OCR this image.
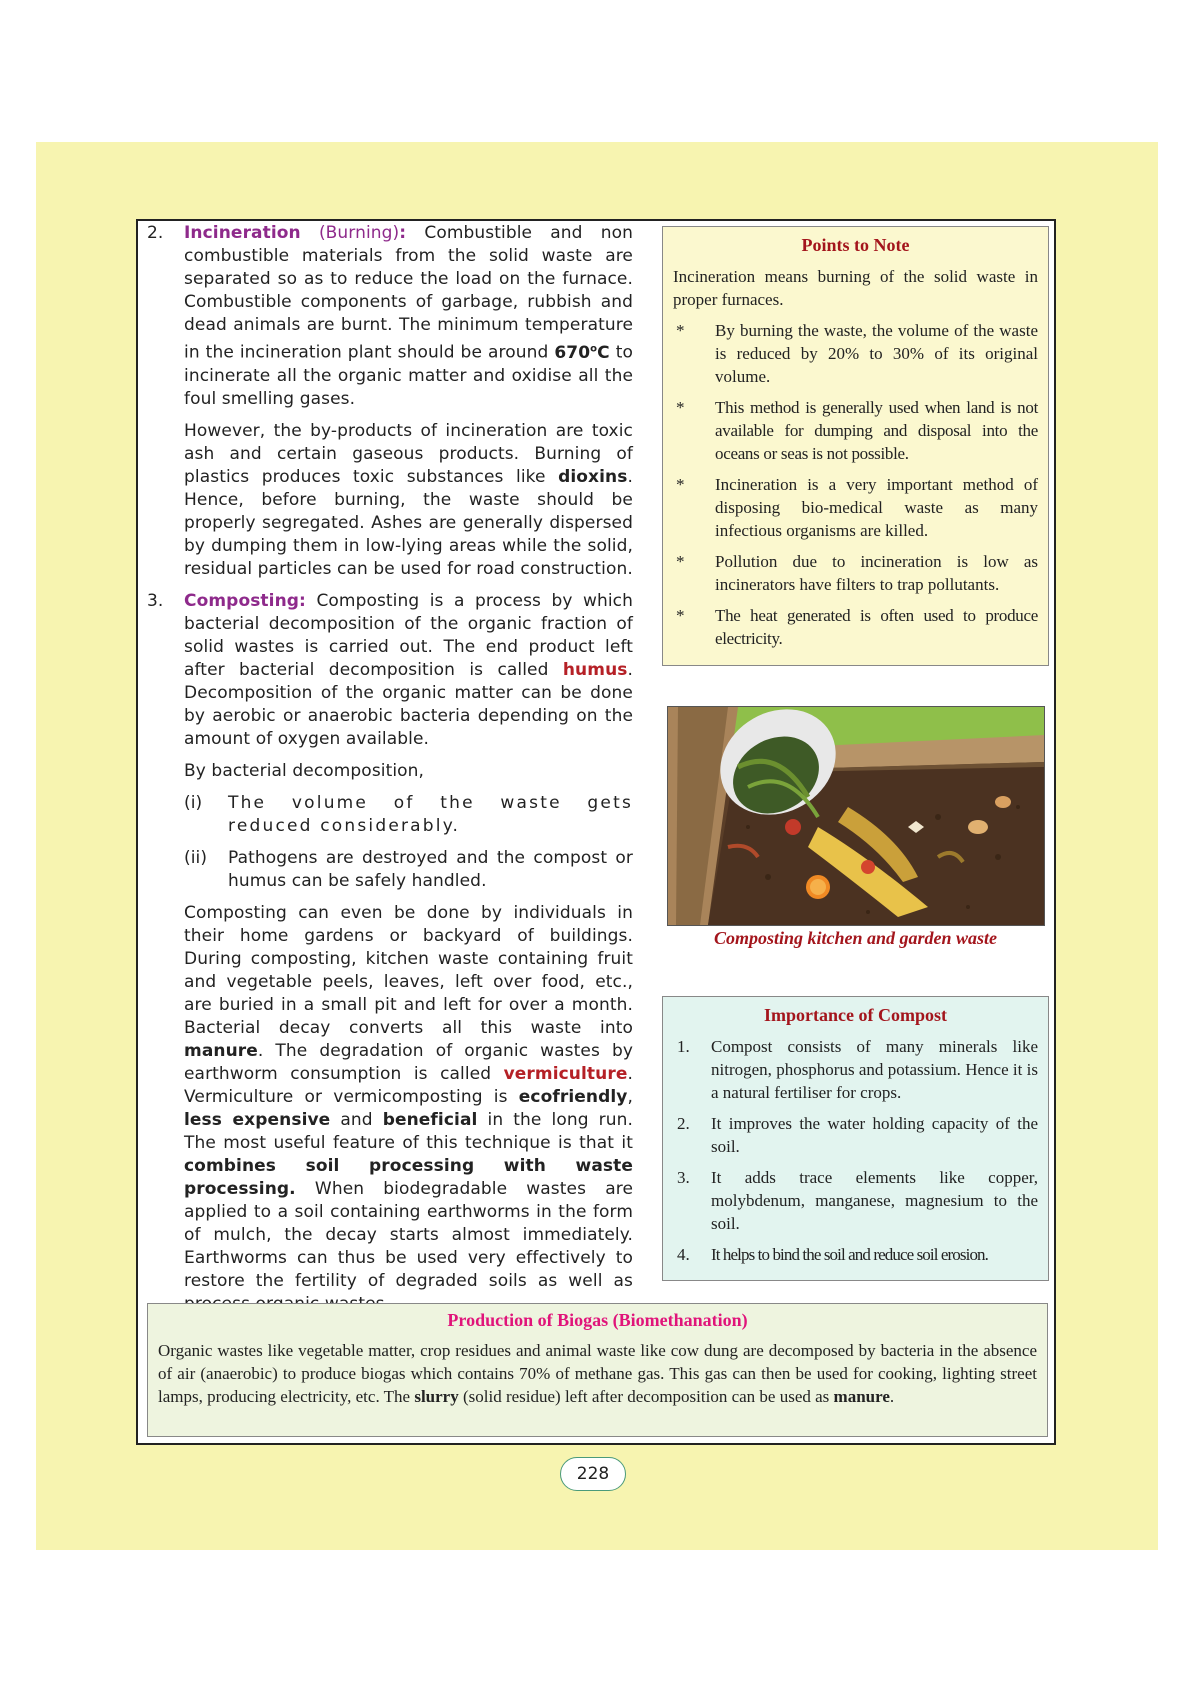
2.	Incineration (Burning): Combustible and non combustible materials from the solid waste are separated so as to reduce the load on the furnace. Combustible components of garbage, rubbish and dead animals are burnt. The minimum temperature in the incineration plant should be around 670$^o$C to incinerate all the organic matter and oxidise all the foul smelling gases.

However, the by-products of incineration are toxic ash and certain gaseous products. Burning of plastics produces toxic substances like dioxins. Hence, before burning, the waste should be properly segregated. Ashes are generally dispersed by dumping them in low-lying areas while the solid, residual particles can be used for road construction.

3.	Composting: Composting is a process by which bacterial decomposition of the organic fraction of solid wastes is carried out. The end product left after bacterial decomposition is called humus. Decomposition of the organic matter can be done by aerobic or anaerobic bacteria depending on the amount of oxygen available.

By bacterial decomposition,

(i)	The volume of the waste gets reduced considerably.
(ii)	Pathogens are destroyed and the compost or humus can be safely handled.

Composting can even be done by individuals in their home gardens or backyard of buildings. During composting, kitchen waste containing fruit and vegetable peels, leaves, left over food, etc., are buried in a small pit and left for over a month. Bacterial decay converts all this waste into manure. The degradation of organic wastes by earthworm consumption is called vermiculture. Vermiculture or vermicomposting is ecofriendly, less expensive and beneficial in the long run. The most useful feature of this technique is that it combines soil processing with waste processing. When biodegradable wastes are applied to a soil containing earthworms in the form of mulch, the decay starts almost immediately. Earthworms can thus be used very effectively to restore the fertility of degraded soils as well as

Points to Note

Incineration means burning of the solid waste in proper furnaces.

*	By burning the waste, the volume of the waste is reduced by 20% to 30% of its original volume.
*	This method is generally used when land is not available for dumping and disposal into the oceans or seas is not possible.
*	Incineration is a very important method of disposing bio-medical waste as many infectious organisms are killed.
*	Pollution due to incineration is low as incinerators have filters to trap pollutants.
*	The heat generated is often used to produce electricity.
Composting kitchen and garden waste
Importance of Compost
1.	Compost consists of many minerals like nitrogen, phosphorus and potassium. Hence it is a natural fertiliser for crops.
2.	It improves the water holding capacity of the soil.
3.	It adds trace elements like copper, molybdenum, manganese, magnesium to the soil.
4.	It helps to bind the soil and reduce soil erosion.
Production of Biogas (Biomethanation)

Organic wastes like vegetable matter, crop residues and animal waste like cow dung are decomposed by bacteria in the absence of air (anaerobic) to produce biogas which contains 70% of methane gas. This gas can then be used for cooking, lighting street lamps, producing electricity, etc. The slurry (solid residue) left after decomposition can be used as manure.

228
